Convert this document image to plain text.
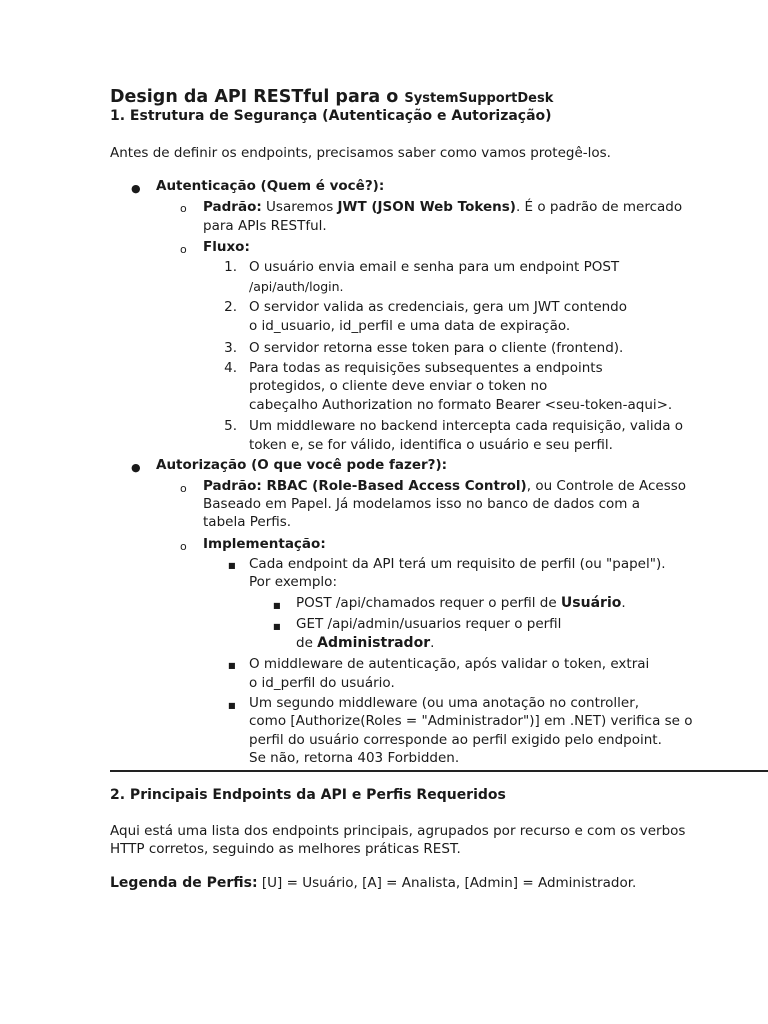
Design da API RESTful para o SystemSupportDesk
1. Estrutura de Segurança (Autenticação e Autorização)
Antes de definir os endpoints, precisamos saber como vamos protegê-los.
● Autenticação (Quem é você?):
o Padrão: Usaremos JWT (JSON Web Tokens). É o padrão de mercado
para APIs RESTful.
o Fluxo:
1. O usuário envia email e senha para um endpoint POST
/api/auth/login.
2. O servidor valida as credenciais, gera um JWT contendo
o id_usuario, id_perfil e uma data de expiração.
3. O servidor retorna esse token para o cliente (frontend).
4. Para todas as requisições subsequentes a endpoints
protegidos, o cliente deve enviar o token no
cabeçalho Authorization no formato Bearer <seu-token-aqui>.
5. Um middleware no backend intercepta cada requisição, valida o
token e, se for válido, identifica o usuário e seu perfil.
● Autorização (O que você pode fazer?):
o Padrão: RBAC (Role-Based Access Control), ou Controle de Acesso
Baseado em Papel. Já modelamos isso no banco de dados com a
tabela Perfis.
o Implementação:
■ Cada endpoint da API terá um requisito de perfil (ou "papel").
Por exemplo:
■ POST /api/chamados requer o perfil de Usuário.
■ GET /api/admin/usuarios requer o perfil
de Administrador.
■ O middleware de autenticação, após validar o token, extrai
o id_perfil do usuário.
■ Um segundo middleware (ou uma anotação no controller,
como [Authorize(Roles = "Administrador")] em .NET) verifica se o
perfil do usuário corresponde ao perfil exigido pelo endpoint.
Se não, retorna 403 Forbidden.
2. Principais Endpoints da API e Perfis Requeridos
Aqui está uma lista dos endpoints principais, agrupados por recurso e com os verbos
HTTP corretos, seguindo as melhores práticas REST.
Legenda de Perfis: [U] = Usuário, [A] = Analista, [Admin] = Administrador.
